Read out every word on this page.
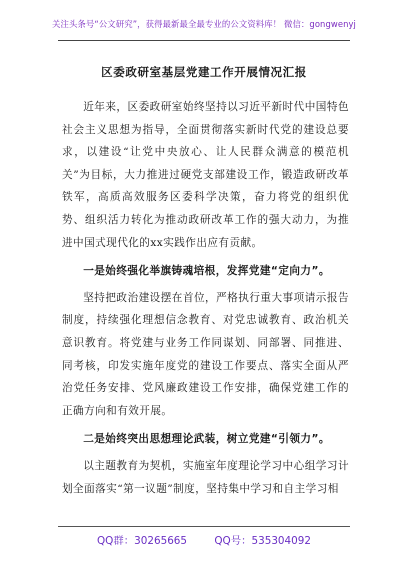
关注头条号“公文研究”，获得最新最全最专业的公文资料库！ 微信：gongwenyj
区委政研室基层党建工作开展情况汇报

近年来，区委政研室始终坚持以习近平新时代中国特色社会主义思想为指导，全面贯彻落实新时代党的建设总要求，以建设“让党中央放心、让人民群众满意的模范机关”为目标，大力推进过硬党支部建设工作，锻造政研改革铁军，高质高效服务区委科学决策，奋力将党的组织优势、组织活力转化为推动政研改革工作的强大动力，为推进中国式现代化的xx实践作出应有贡献。

一是始终强化举旗铸魂培根，发挥党建“定向力”。

坚持把政治建设摆在首位，严格执行重大事项请示报告制度，持续强化理想信念教育、对党忠诚教育、政治机关意识教育。将党建与业务工作同谋划、同部署、同推进、同考核，印发实施年度党的建设工作要点、落实全面从严治党任务安排、党风廉政建设工作安排，确保党建工作的正确方向和有效开展。

二是始终突出思想理论武装，树立党建“引领力”。

以主题教育为契机，实施室年度理论学习中心组学习计划全面落实“第一议题”制度，坚持集中学习和自主学习相

QQ群：30265665	QQ号：535304092
